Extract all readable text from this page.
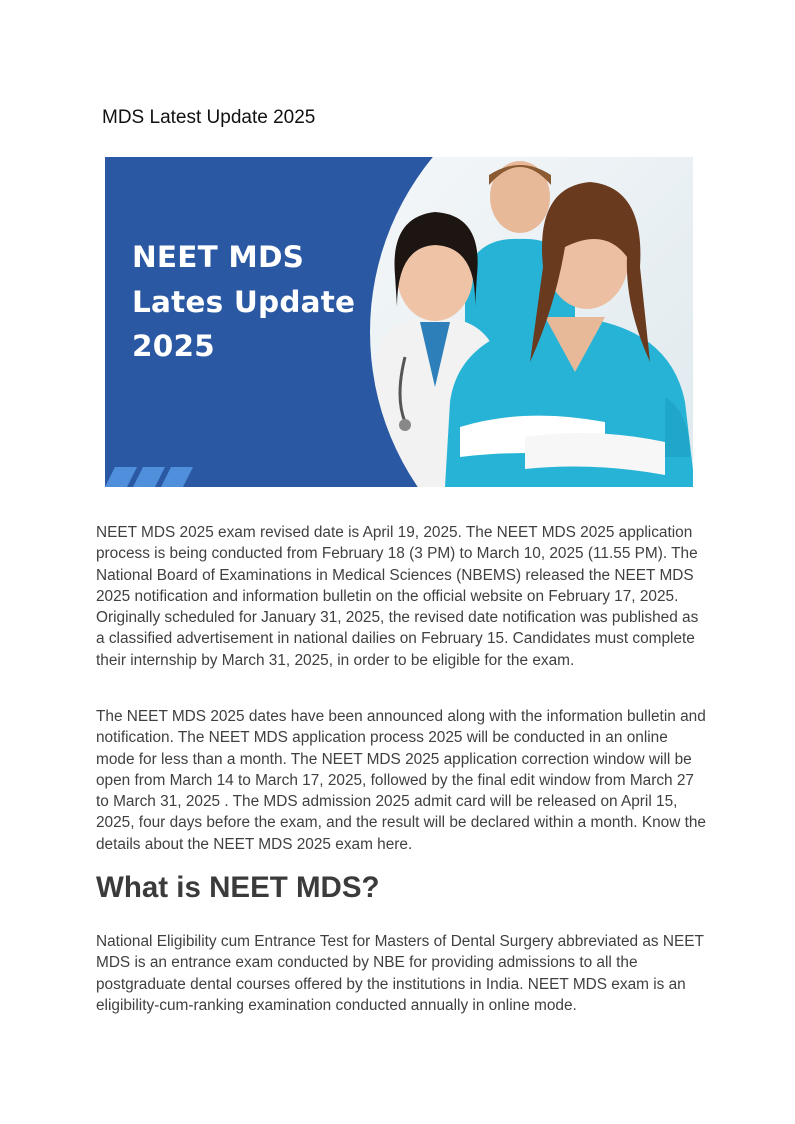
MDS Latest Update 2025
NEET MDS
Lates Update
2025

NEET MDS 2025 exam revised date is April 19, 2025. The NEET MDS 2025 application process is being conducted from February 18 (3 PM) to March 10, 2025 (11.55 PM). The National Board of Examinations in Medical Sciences (NBEMS) released the NEET MDS 2025 notification and information bulletin on the official website on February 17, 2025. Originally scheduled for January 31, 2025, the revised date notification was published as a classified advertisement in national dailies on February 15. Candidates must complete their internship by March 31, 2025, in order to be eligible for the exam.

The NEET MDS 2025 dates have been announced along with the information bulletin and notification. The NEET MDS application process 2025 will be conducted in an online mode for less than a month. The NEET MDS 2025 application correction window will be open from March 14 to March 17, 2025, followed by the final edit window from March 27 to March 31, 2025 . The MDS admission 2025 admit card will be released on April 15, 2025, four days before the exam, and the result will be declared within a month. Know the details about the NEET MDS 2025 exam here.

What is NEET MDS?

National Eligibility cum Entrance Test for Masters of Dental Surgery abbreviated as NEET MDS is an entrance exam conducted by NBE for providing admissions to all the postgraduate dental courses offered by the institutions in India. NEET MDS exam is an eligibility-cum-ranking examination conducted annually in online mode.
